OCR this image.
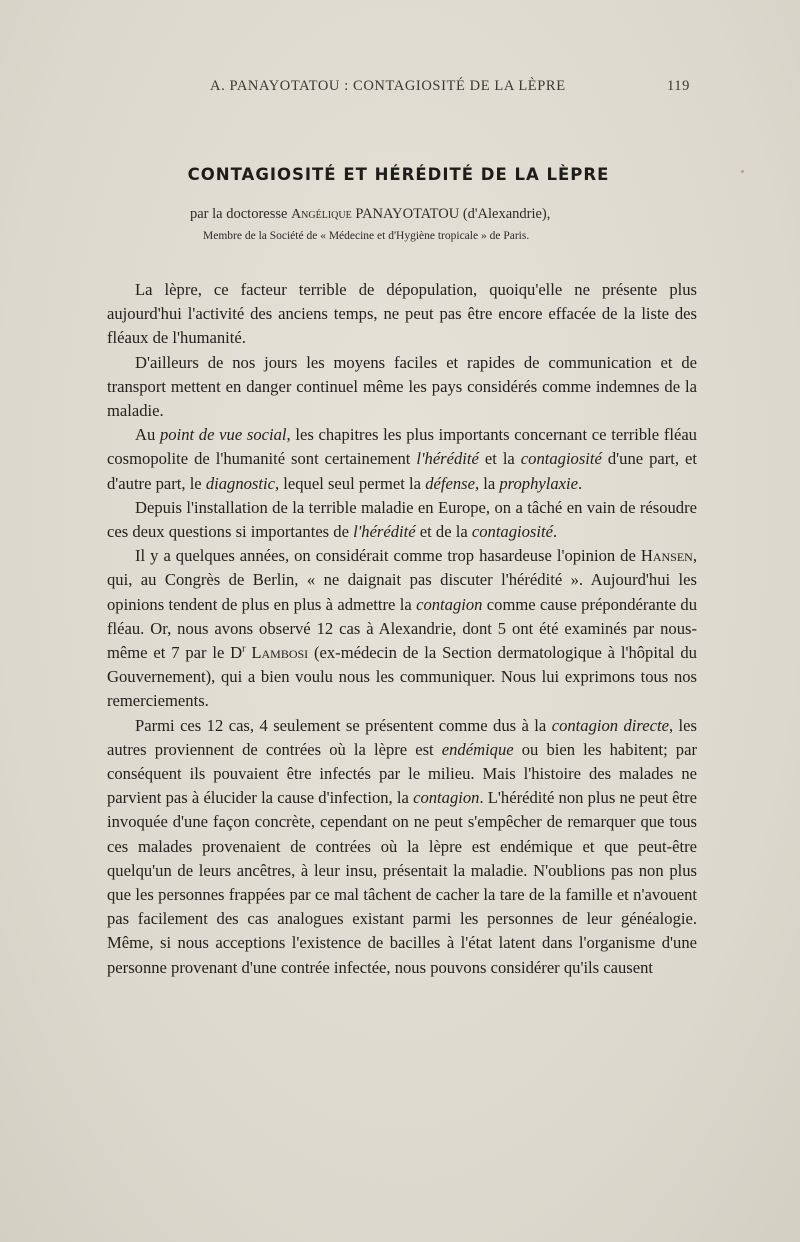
A. PANAYOTATOU : CONTAGIOSITÉ DE LA LÈPRE	119
CONTAGIOSITÉ ET HÉRÉDITÉ DE LA LÈPRE
par la doctoresse Angélique PANAYOTATOU (d'Alexandrie),
Membre de la Société de « Médecine et d'Hygiène tropicale » de Paris.

La lèpre, ce facteur terrible de dépopulation, quoiqu'elle ne présente plus aujourd'hui l'activité des anciens temps, ne peut pas être encore effacée de la liste des fléaux de l'humanité.

D'ailleurs de nos jours les moyens faciles et rapides de communication et de transport mettent en danger continuel même les pays considérés comme indemnes de la maladie.

Au point de vue social, les chapitres les plus importants concernant ce terrible fléau cosmopolite de l'humanité sont certainement l'hérédité et la contagiosité d'une part, et d'autre part, le diagnostic, lequel seul permet la défense, la prophylaxie.

Depuis l'installation de la terrible maladie en Europe, on a tâché en vain de résoudre ces deux questions si importantes de l'hérédité et de la contagiosité.

Il y a quelques années, on considérait comme trop hasardeuse l'opinion de Hansen, qui, au Congrès de Berlin, « ne daignait pas discuter l'hérédité ». Aujourd'hui les opinions tendent de plus en plus à admettre la contagion comme cause prépondérante du fléau. Or, nous avons observé 12 cas à Alexandrie, dont 5 ont été examinés par nous-même et 7 par le $D^r$ Lambosi (ex-médecin de la Section dermatologique à l'hôpital du Gouvernement), qui a bien voulu nous les communiquer. Nous lui exprimons tous nos remerciements.

Parmi ces 12 cas, 4 seulement se présentent comme dus à la contagion directe, les autres proviennent de contrées où la lèpre est endémique ou bien les habitent; par conséquent ils pouvaient être infectés par le milieu. Mais l'histoire des malades ne parvient pas à élucider la cause d'infection, la contagion. L'hérédité non plus ne peut être invoquée d'une façon concrète, cependant on ne peut s'empêcher de remarquer que tous ces malades provenaient de contrées où la lèpre est endémique et que peut-être quelqu'un de leurs ancêtres, à leur insu, présentait la maladie. N'oublions pas non plus que les personnes frappées par ce mal tâchent de cacher la tare de la famille et n'avouent pas facilement des cas analogues existant parmi les personnes de leur généalogie. Même, si nous acceptions l'existence de bacilles à l'état latent dans l'organisme d'une personne provenant d'une contrée infectée, nous pouvons considérer qu'ils causent
